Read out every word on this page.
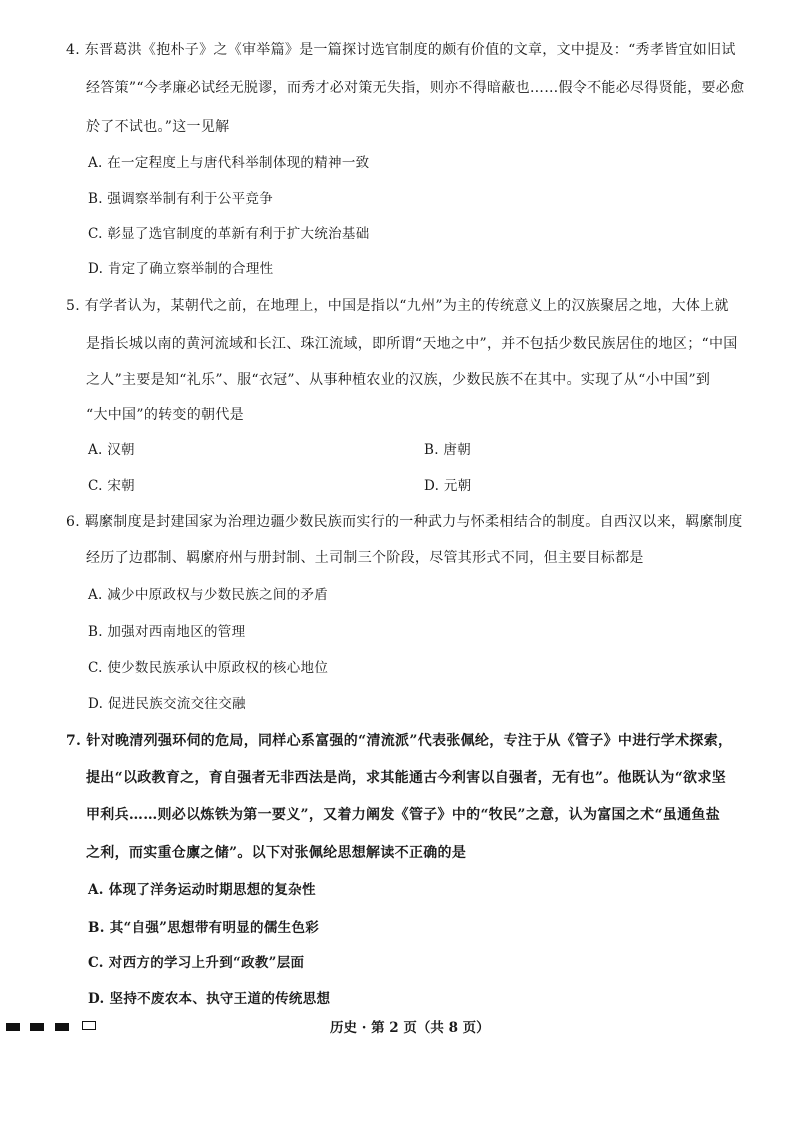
4. 东晋葛洪《抱朴子》之《审举篇》是一篇探讨选官制度的颇有价值的文章，文中提及：“秀孝皆宜如旧试
经答策”“今孝廉必试经无脱谬，而秀才必对策无失指，则亦不得暗蔽也……假令不能必尽得贤能，要必愈
於了不试也。”这一见解
A. 在一定程度上与唐代科举制体现的精神一致
B. 强调察举制有利于公平竞争
C. 彰显了选官制度的革新有利于扩大统治基础
D. 肯定了确立察举制的合理性
5. 有学者认为，某朝代之前，在地理上，中国是指以“九州”为主的传统意义上的汉族聚居之地，大体上就
是指长城以南的黄河流域和长江、珠江流域，即所谓“天地之中”，并不包括少数民族居住的地区；“中国
之人”主要是知“礼乐”、服“衣冠”、从事种植农业的汉族，少数民族不在其中。实现了从“小中国”到
“大中国”的转变的朝代是
A. 汉朝	B. 唐朝
C. 宋朝	D. 元朝
6. 羁縻制度是封建国家为治理边疆少数民族而实行的一种武力与怀柔相结合的制度。自西汉以来，羁縻制度
经历了边郡制、羁縻府州与册封制、土司制三个阶段，尽管其形式不同，但主要目标都是
A. 减少中原政权与少数民族之间的矛盾
B. 加强对西南地区的管理
C. 使少数民族承认中原政权的核心地位
D. 促进民族交流交往交融
7. 针对晚清列强环伺的危局，同样心系富强的“清流派”代表张佩纶，专注于从《管子》中进行学术探索，
提出“以政教育之，育自强者无非西法是尚，求其能通古今利害以自强者，无有也”。他既认为“欲求坚
甲利兵……则必以炼铁为第一要义”，又着力阐发《管子》中的“牧民”之意，认为富国之术“虽通鱼盐
之利，而实重仓廪之储”。以下对张佩纶思想解读不正确的是
A. 体现了洋务运动时期思想的复杂性
B. 其“自强”思想带有明显的儒生色彩
C. 对西方的学习上升到“政教”层面
D. 坚持不废农本、执守王道的传统思想
历史 · 第 2 页（共 8 页）
